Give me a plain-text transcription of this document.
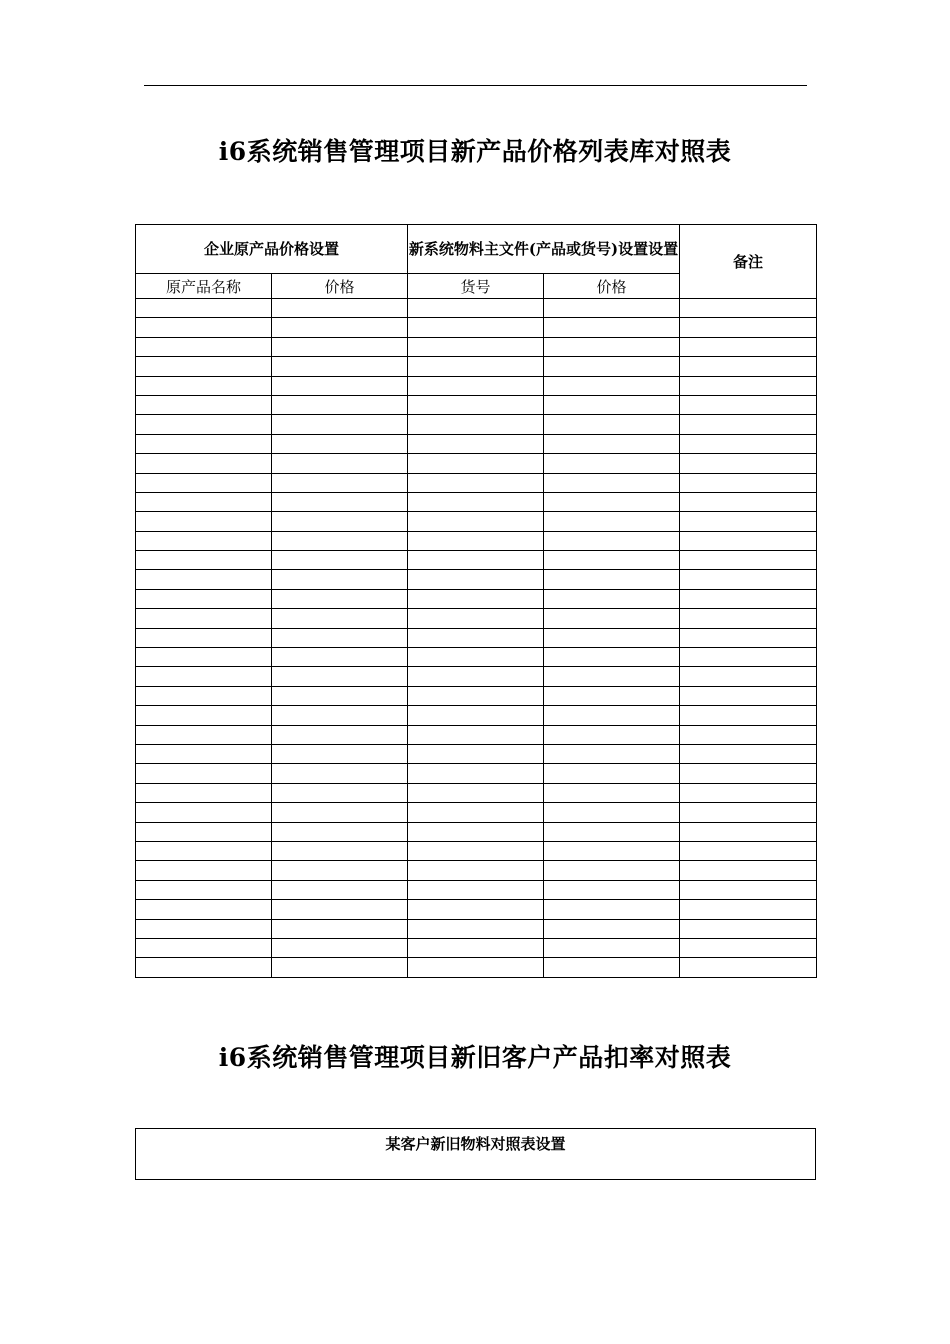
i6系统销售管理项目新产品价格列表库对照表
企业原产品价格设置		新系统物料主文件(产品或货号)设置设置		备注
原产品名称	价格	货号	价格	

i6系统销售管理项目新旧客户产品扣率对照表
某客户新旧物料对照表设置
